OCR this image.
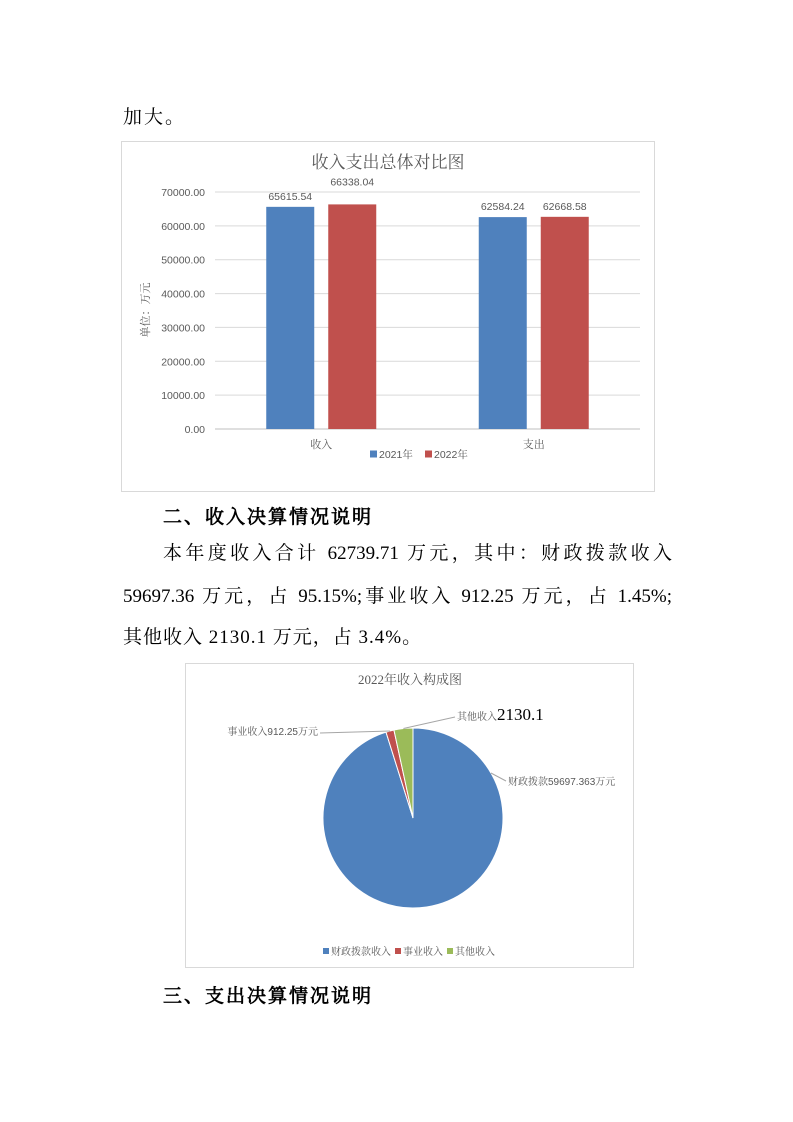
加大。
收入支出总体对比图
70000.00
60000.00
50000.00
40000.00
30000.00
20000.00
10000.00
0.00
单位：万元
65615.54
66338.04
收入
62584.24 62668.58
支出
2021年 2022年
二、收入决算情况说明
本年度收入合计 62739.71 万元，其中：财政拨款收入
59697.36 万元，占 95.15%;事业收入 912.25 万元，占 1.45%;
其他收入 2130.1 万元，占 3.4%。
2022年收入构成图
财政拨款59697.363万元
事业收入912.25万元
其他收入2130.1
财政拨款收入 事业收入 其他收入
三、支出决算情况说明
